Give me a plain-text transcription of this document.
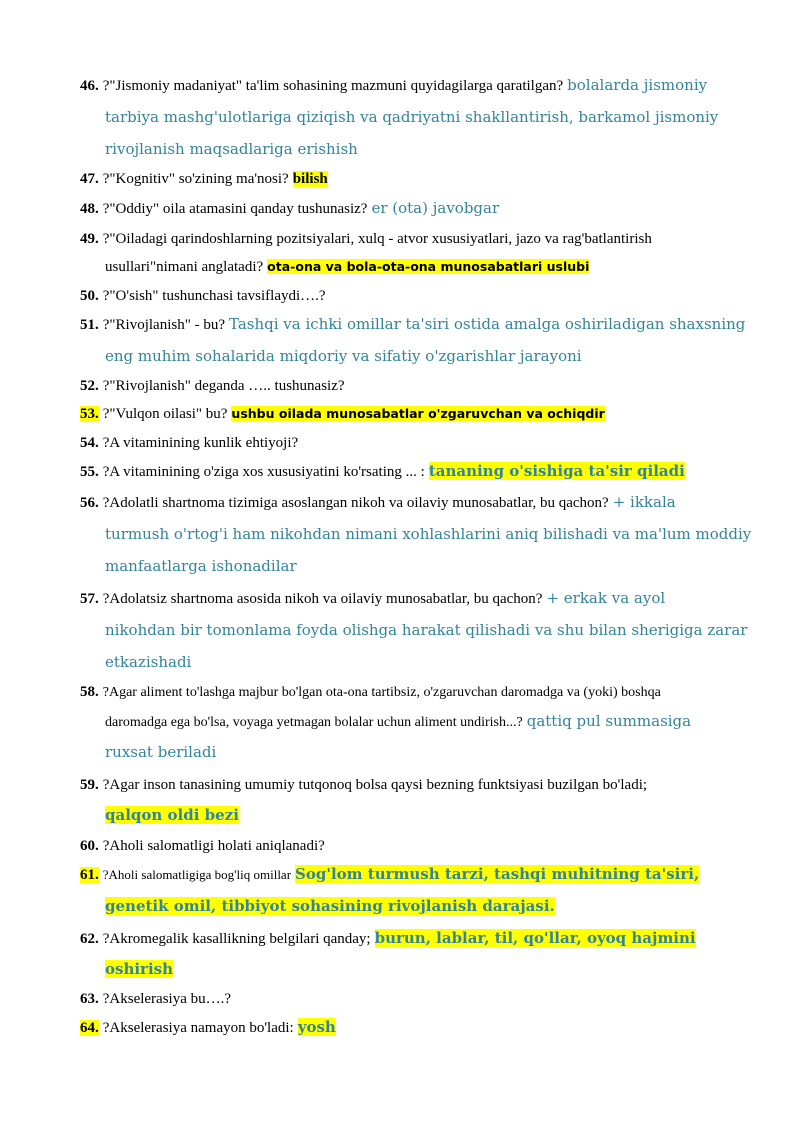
46. ?"Jismoniy madaniyat" ta'lim sohasining mazmuni quyidagilarga qaratilgan? bolalarda jismoniy
tarbiya mashg'ulotlariga qiziqish va qadriyatni shakllantirish, barkamol jismoniy
rivojlanish maqsadlariga erishish
47. ?"Kognitiv" so'zining ma'nosi? bilish
48. ?"Oddiy" oila atamasini qanday tushunasiz? er (ota) javobgar
49. ?"Oiladagi qarindoshlarning pozitsiyalari, xulq - atvor xususiyatlari, jazo va rag'batlantirish
usullari"nimani anglatadi? ota-ona va bola-ota-ona munosabatlari uslubi
50. ?"O'sish" tushunchasi tavsiflaydi….?
51. ?"Rivojlanish" - bu? Tashqi va ichki omillar ta'siri ostida amalga oshiriladigan shaxsning
eng muhim sohalarida miqdoriy va sifatiy o'zgarishlar jarayoni
52. ?"Rivojlanish" deganda ….. tushunasiz?
53. ?"Vulqon oilasi" bu? ushbu oilada munosabatlar o'zgaruvchan va ochiqdir
54. ?A vitaminining kunlik ehtiyoji?
55. ?A vitaminining o'ziga xos xususiyatini ko'rsating ... : tananing o'sishiga ta'sir qiladi
56. ?Adolatli shartnoma tizimiga asoslangan nikoh va oilaviy munosabatlar, bu qachon? + ikkala
turmush o'rtog'i ham nikohdan nimani xohlashlarini aniq bilishadi va ma'lum moddiy
manfaatlarga ishonadilar
57. ?Adolatsiz shartnoma asosida nikoh va oilaviy munosabatlar, bu qachon? + erkak va ayol
nikohdan bir tomonlama foyda olishga harakat qilishadi va shu bilan sherigiga zarar
etkazishadi
58. ?Agar aliment to'lashga majbur bo'lgan ota-ona tartibsiz, o'zgaruvchan daromadga va (yoki) boshqa
daromadga ega bo'lsa, voyaga yetmagan bolalar uchun aliment undirish...? qattiq pul summasiga
ruxsat beriladi
59. ?Agar inson tanasining umumiy tutqonoq bolsa qaysi bezning funktsiyasi buzilgan bo'ladi;
qalqon oldi bezi
60. ?Aholi salomatligi holati aniqlanadi?
61. ?Aholi salomatligiga bog'liq omillar Sog'lom turmush tarzi, tashqi muhitning ta'siri,
genetik omil, tibbiyot sohasining rivojlanish darajasi.
62. ?Akromegalik kasallikning belgilari qanday; burun, lablar, til, qo'llar, oyoq hajmini
oshirish
63. ?Akselerasiya bu….?
64. ?Akselerasiya namayon bo'ladi: yosh
